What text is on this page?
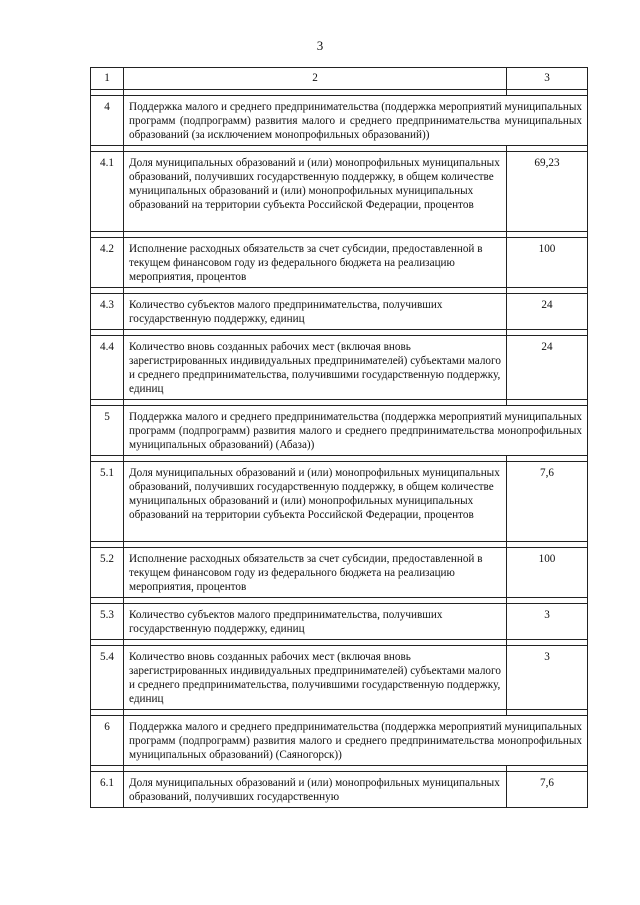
3
1	2	3

4	Поддержка малого и среднего предпринимательства (поддержка мероприятий муниципальных программ (подпрограмм) развития малого и среднего предпринимательства муниципальных образований (за исключением монопрофильных образований))	

4.1	Доля муниципальных образований и (или) монопрофильных муниципальных образований, получивших государственную поддержку, в общем количестве муниципальных образований и (или) монопрофильных муниципальных образований на территории субъекта Российской Федерации, процентов	69,23

4.2	Исполнение расходных обязательств за счет субсидии, предоставленной в текущем финансовом году из федерального бюджета на реализацию мероприятия, процентов	100

4.3	Количество субъектов малого предпринимательства, получивших государственную поддержку, единиц	24

4.4	Количество вновь созданных рабочих мест (включая вновь зарегистрированных индивидуальных предпринимателей) субъектами малого и среднего предпринимательства, получившими государственную поддержку, единиц	24

5	Поддержка малого и среднего предпринимательства (поддержка мероприятий муниципальных программ (подпрограмм) развития малого и среднего предпринимательства монопрофильных муниципальных образований) (Абаза))	

5.1	Доля муниципальных образований и (или) монопрофильных муниципальных образований, получивших государственную поддержку, в общем количестве муниципальных образований и (или) монопрофильных муниципальных образований на территории субъекта Российской Федерации, процентов	7,6

5.2	Исполнение расходных обязательств за счет субсидии, предоставленной в текущем финансовом году из федерального бюджета на реализацию мероприятия, процентов	100

5.3	Количество субъектов малого предпринимательства, получивших государственную поддержку, единиц	3

5.4	Количество вновь созданных рабочих мест (включая вновь зарегистрированных индивидуальных предпринимателей) субъектами малого и среднего предпринимательства, получившими государственную поддержку, единиц	3

6	Поддержка малого и среднего предпринимательства (поддержка мероприятий муниципальных программ (подпрограмм) развития малого и среднего предпринимательства монопрофильных муниципальных образований) (Саяногорск))	

6.1	Доля муниципальных образований и (или) монопрофильных муниципальных образований, получивших государственную	7,6
